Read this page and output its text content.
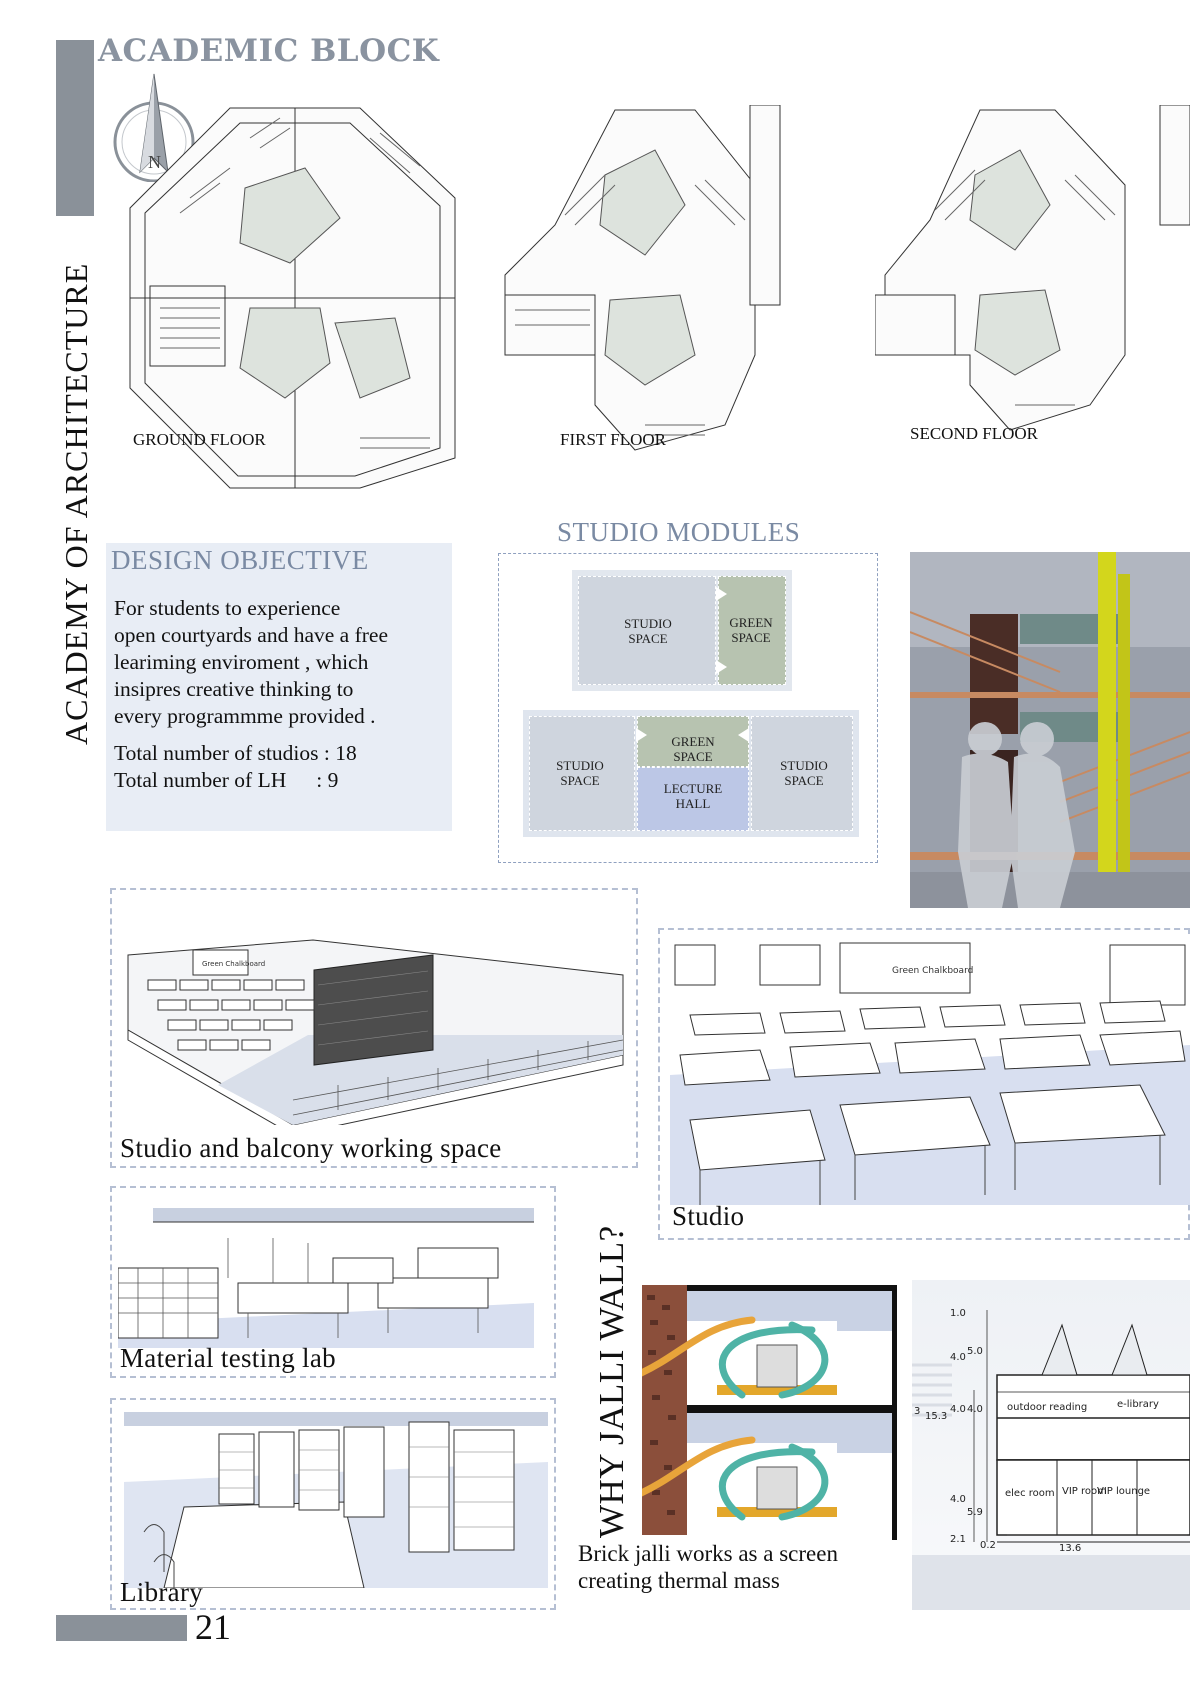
ACADEMIC BLOCK
ACADEMY OF ARCHITECTURE
N
GROUND FLOOR	FIRST FLOOR	SECOND FLOOR
DESIGN OBJECTIVE
For students to experience
open courtyards and have a free
leariming enviroment , which
insipres creative thinking to
every programmme provided .
Total number of studios : 18
Total number of LH : 9
STUDIO MODULES
STUDIO
SPACE
GREEN
SPACE
STUDIO
SPACE
GREEN
SPACE
LECTURE
HALL
STUDIO
SPACE
Green Chalkboard
Studio and balcony working space
Green Chalkboard
Studio
Material testing lab
Library
WHY JALLI WALL?
Brick jalli works as a screen
creating thermal mass
1.0
4.0
5.0
4.0 4.0
15.3
3
4.0
5.9
2.1
0.2	13.6
outdoor reading	e-library
elec room VIP room
VIP lounge
21
